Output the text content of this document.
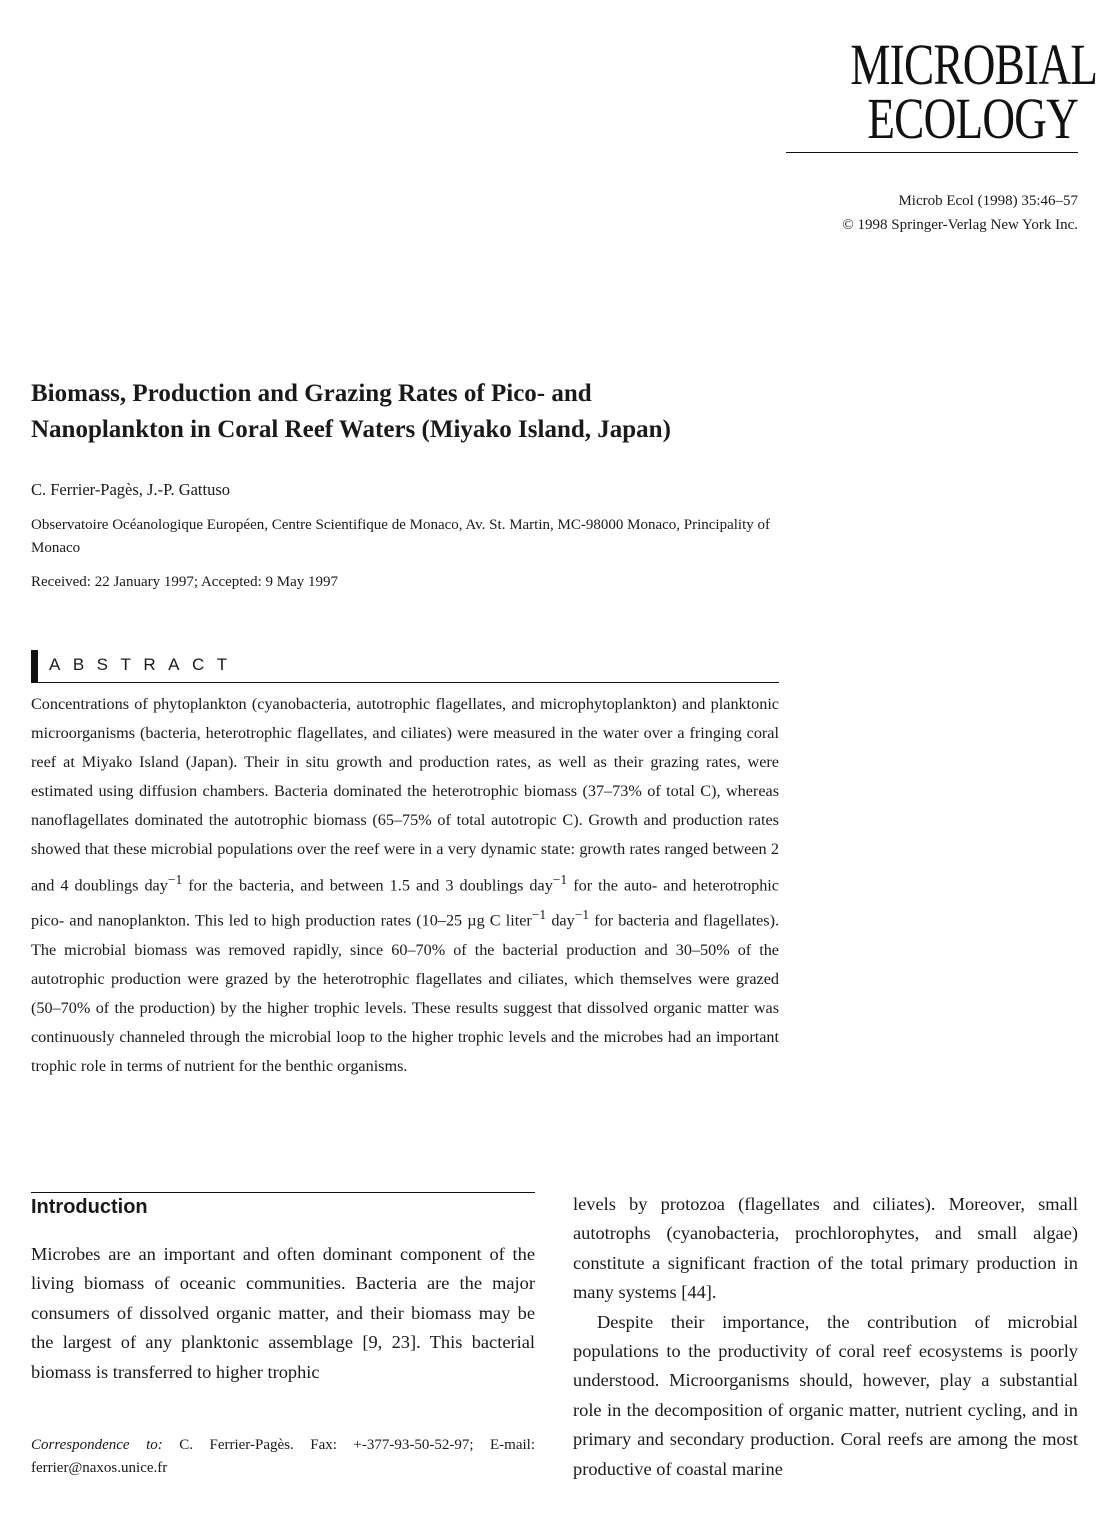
MICROBIAL
ECOLOGY
Microb Ecol (1998) 35:46–57
© 1998 Springer-Verlag New York Inc.
Biomass, Production and Grazing Rates of Pico- and
Nanoplankton in Coral Reef Waters (Miyako Island, Japan)
C. Ferrier-Pagès, J.-P. Gattuso
Observatoire Océanologique Européen, Centre Scientifique de Monaco, Av. St. Martin, MC-98000 Monaco, Principality of Monaco
Received: 22 January 1997; Accepted: 9 May 1997
ABSTRACT

Concentrations of phytoplankton (cyanobacteria, autotrophic flagellates, and microphytoplankton) and planktonic microorganisms (bacteria, heterotrophic flagellates, and ciliates) were measured in the water over a fringing coral reef at Miyako Island (Japan). Their in situ growth and production rates, as well as their grazing rates, were estimated using diffusion chambers. Bacteria dominated the heterotrophic biomass (37–73% of total C), whereas nanoflagellates dominated the autotrophic biomass (65–75% of total autotropic C). Growth and production rates showed that these microbial populations over the reef were in a very dynamic state: growth rates ranged between 2 and 4 doublings day$^{-1}$ for the bacteria, and between 1.5 and 3 doublings day$^{-1}$ for the auto- and heterotrophic pico- and nanoplankton. This led to high production rates (10–25 µg C liter$^{-1}$ day$^{-1}$ for bacteria and flagellates). The microbial biomass was removed rapidly, since 60–70% of the bacterial production and 30–50% of the autotrophic production were grazed by the heterotrophic flagellates and ciliates, which themselves were grazed (50–70% of the production) by the higher trophic levels. These results suggest that dissolved organic matter was continuously channeled through the microbial loop to the higher trophic levels and the microbes had an important trophic role in terms of nutrient for the benthic organisms.

Introduction

Microbes are an important and often dominant component of the living biomass of oceanic communities. Bacteria are the major consumers of dissolved organic matter, and their biomass may be the largest of any planktonic assemblage [9, 23]. This bacterial biomass is transferred to higher trophic

Correspondence to: C. Ferrier-Pagès. Fax: +-377-93-50-52-97; E-mail: ferrier@naxos.unice.fr

levels by protozoa (flagellates and ciliates). Moreover, small autotrophs (cyanobacteria, prochlorophytes, and small algae) constitute a significant fraction of the total primary production in many systems [44].

Despite their importance, the contribution of microbial populations to the productivity of coral reef ecosystems is poorly understood. Microorganisms should, however, play a substantial role in the decomposition of organic matter, nutrient cycling, and in primary and secondary production. Coral reefs are among the most productive of coastal marine
